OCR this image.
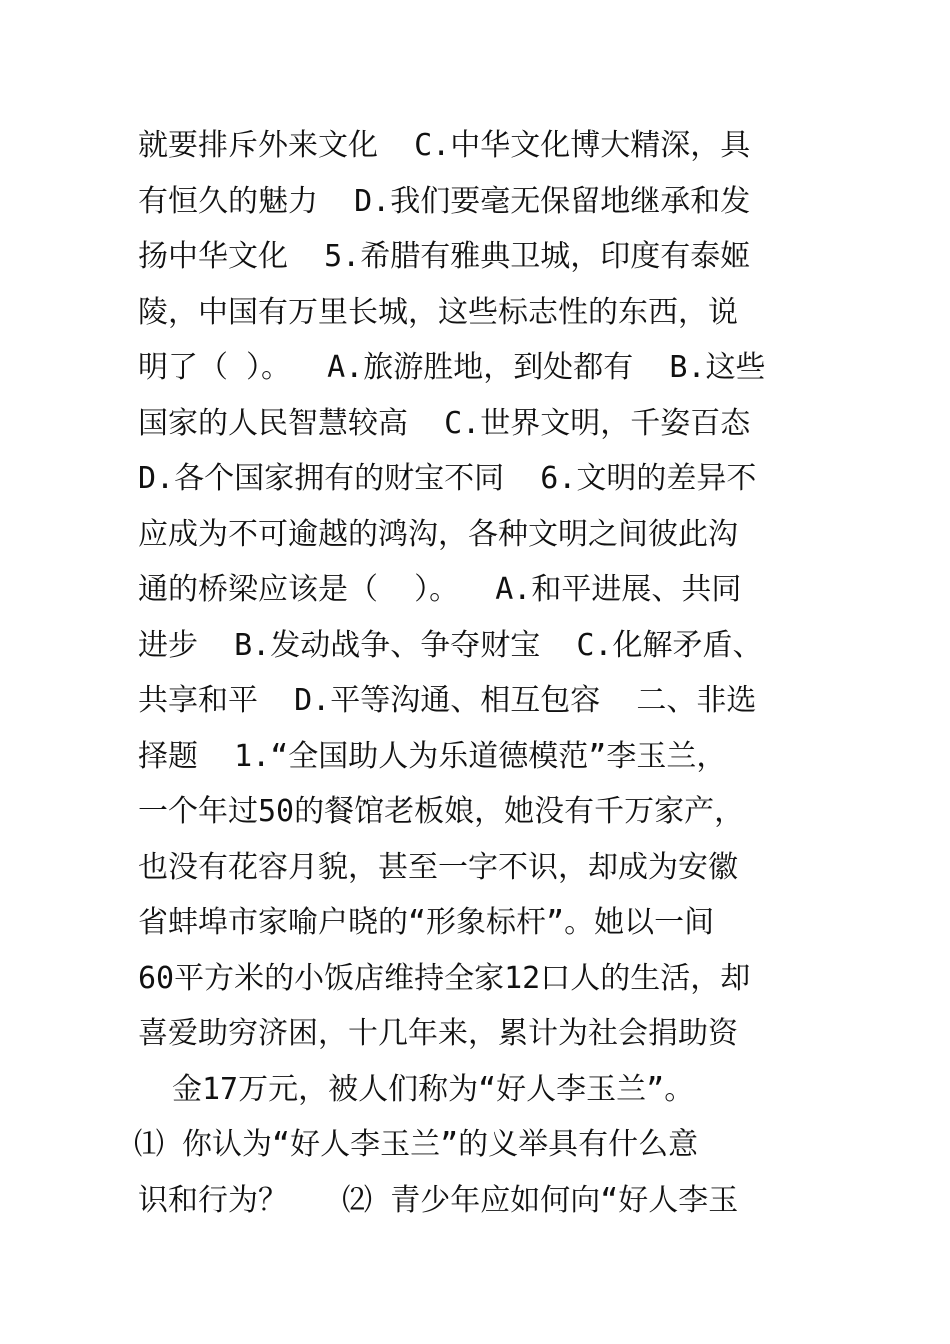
就要排斥外来文化  C.中华文化博大精深，具
有恒久的魅力  D.我们要毫无保留地继承和发
扬中华文化  5.希腊有雅典卫城，印度有泰姬
陵，中国有万里长城，这些标志性的东西，说
明了（ ）。  A.旅游胜地，到处都有  B.这些
国家的人民智慧较高  C.世界文明，千姿百态
D.各个国家拥有的财宝不同  6.文明的差异不
应成为不可逾越的鸿沟，各种文明之间彼此沟
通的桥梁应该是（  ）。  A.和平进展、共同
进步  B.发动战争、争夺财宝  C.化解矛盾、
共享和平  D.平等沟通、相互包容  二、非选
择题  1.“全国助人为乐道德模范”李玉兰，
一个年过50的餐馆老板娘，她没有千万家产，
也没有花容月貌，甚至一字不识，却成为安徽
省蚌埠市家喻户晓的“形象标杆”。她以一间
60平方米的小饭店维持全家12口人的生活，却
喜爱助穷济困，十几年来，累计为社会捐助资
金17万元，被人们称为“好人李玉兰”。
⑴ 你认为“好人李玉兰”的义举具有什么意
识和行为？   ⑵ 青少年应如何向“好人李玉
